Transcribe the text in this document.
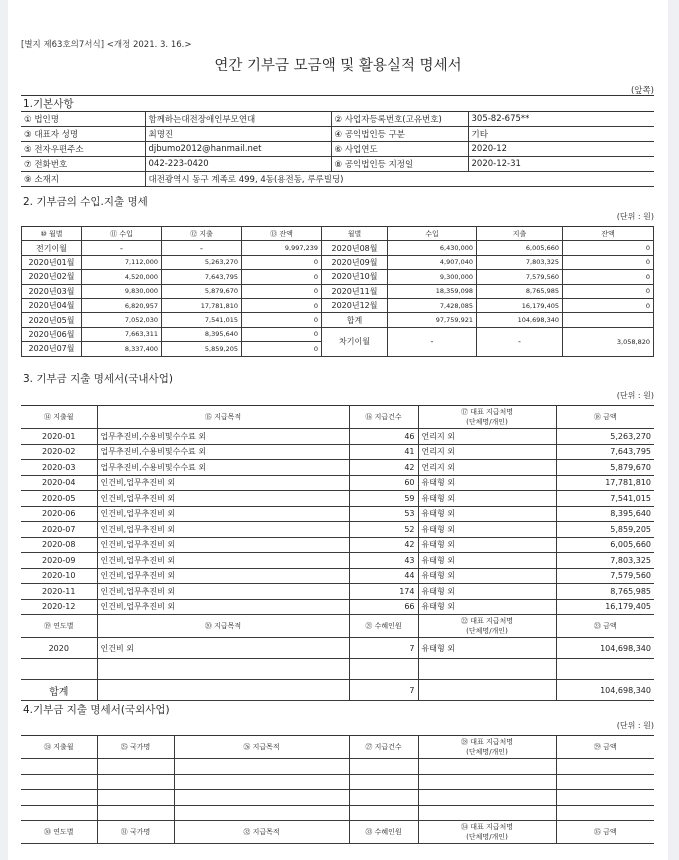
[별지 제63호의7서식] <개정 2021. 3. 16.>
연간 기부금 모금액 및 활용실적 명세서
(앞쪽)
1.기본사항
① 법인명	함께하는대전장애인부모연대	② 사업자등록번호(고유번호)	305-82-675**
③ 대표자 성명	최명진	④ 공익법인등 구분	기타
⑤ 전자우편주소	djbumo2012@hanmail.net	⑥ 사업연도	2020-12
⑦ 전화번호	042-223-0420	⑧ 공익법인등 지정일	2020-12-31
⑨ 소재지	대전광역시 동구 계족로 499, 4동(용전동, 루루빌딩)		
2. 기부금의 수입.지출 명세
(단위 : 원)
⑩ 월별	⑪ 수입	⑫ 지출	⑬ 잔액	월별	수입	지출	잔액
전기이월	-	-	9,997,239	2020년08월	6,430,000	6,005,660	0
2020년01월	7,112,000	5,263,270	0	2020년09월	4,907,040	7,803,325	0
2020년02월	4,520,000	7,643,795	0	2020년10월	9,300,000	7,579,560	0
2020년03월	9,830,000	5,879,670	0	2020년11월	18,359,098	8,765,985	0
2020년04월	6,820,957	17,781,810	0	2020년12월	7,428,085	16,179,405	0
2020년05월	7,052,030	7,541,015	0	합계	97,759,921	104,698,340	
2020년06월	7,663,311	8,395,640	0	차기이월	-	-	3,058,820
2020년07월	8,337,400	5,859,205	0				
3. 기부금 지출 명세서(국내사업)
(단위 : 원)
⑭ 지출월	⑮ 지급목적	⑯ 지급건수	⑰ 대표 지급처명
(단체명/개인)	⑱ 금액
2020-01	업무추진비,수용비및수수료 외	46	언리지 외	5,263,270
2020-02	업무추진비,수용비및수수료 외	41	언리지 외	7,643,795
2020-03	업무추진비,수용비및수수료 외	42	언리지 외	5,879,670
2020-04	인건비,업무추진비 외	60	유태형 외	17,781,810
2020-05	인건비,업무추진비 외	59	유태형 외	7,541,015
2020-06	인건비,업무추진비 외	53	유태형 외	8,395,640
2020-07	인건비,업무추진비 외	52	유태형 외	5,859,205
2020-08	인건비,업무추진비 외	42	유태형 외	6,005,660
2020-09	인건비,업무추진비 외	43	유태형 외	7,803,325
2020-10	인건비,업무추진비 외	44	유태형 외	7,579,560
2020-11	인건비,업무추진비 외	174	유태형 외	8,765,985
2020-12	인건비,업무추진비 외	66	유태형 외	16,179,405
⑲ 연도별	⑳ 지급목적	㉑ 수혜인원	㉒ 대표 지급처명
(단체명/개인)	㉓ 금액
2020	인건비 외	7	유태형 외	104,698,340

합계		7		104,698,340
4.기부금 지출 명세서(국외사업)
(단위 : 원)
㉔ 지출월	㉕ 국가명	㉖ 지급목적	㉗ 지급건수	㉘ 대표 지급처명
(단체명/개인)	㉙ 금액

㉚ 연도별	㉛ 국가명	㉜ 지급목적	㉝ 수혜인원	㉞ 대표 지급처명
(단체명/개인)	㉟ 금액
